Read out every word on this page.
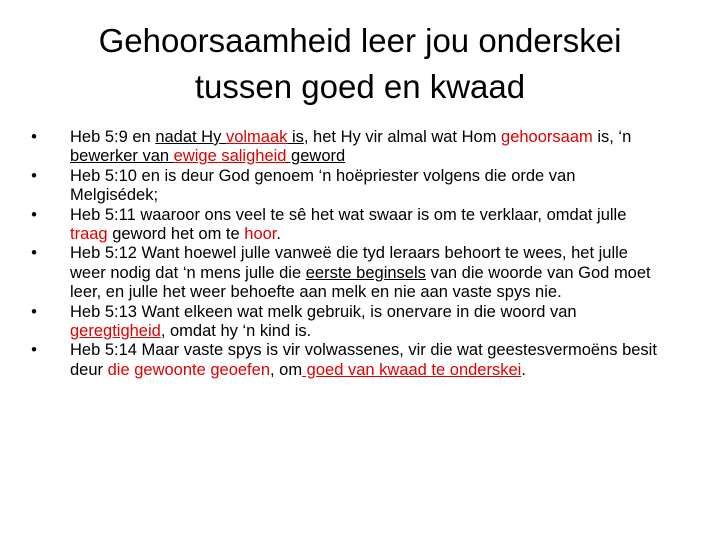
Gehoorsaamheid leer jou onderskei
tussen goed en kwaad
• Heb 5:9 en nadat Hy volmaak is, het Hy vir almal wat Hom gehoorsaam is, ‘n bewerker van ewige saligheid geword
• Heb 5:10 en is deur God genoem ‘n hoëpriester volgens die orde van Melgisédek;
• Heb 5:11 waaroor ons veel te sê het wat swaar is om te verklaar, omdat julle traag geword het om te hoor.
• Heb 5:12 Want hoewel julle vanweë die tyd leraars behoort te wees, het julle weer nodig dat ‘n mens julle die eerste beginsels van die woorde van God moet leer, en julle het weer behoefte aan melk en nie aan vaste spys nie.
• Heb 5:13 Want elkeen wat melk gebruik, is onervare in die woord van geregtigheid, omdat hy ‘n kind is.
• Heb 5:14 Maar vaste spys is vir volwassenes, vir die wat geestesvermoëns besit deur die gewoonte geoefen, om goed van kwaad te onderskei.
